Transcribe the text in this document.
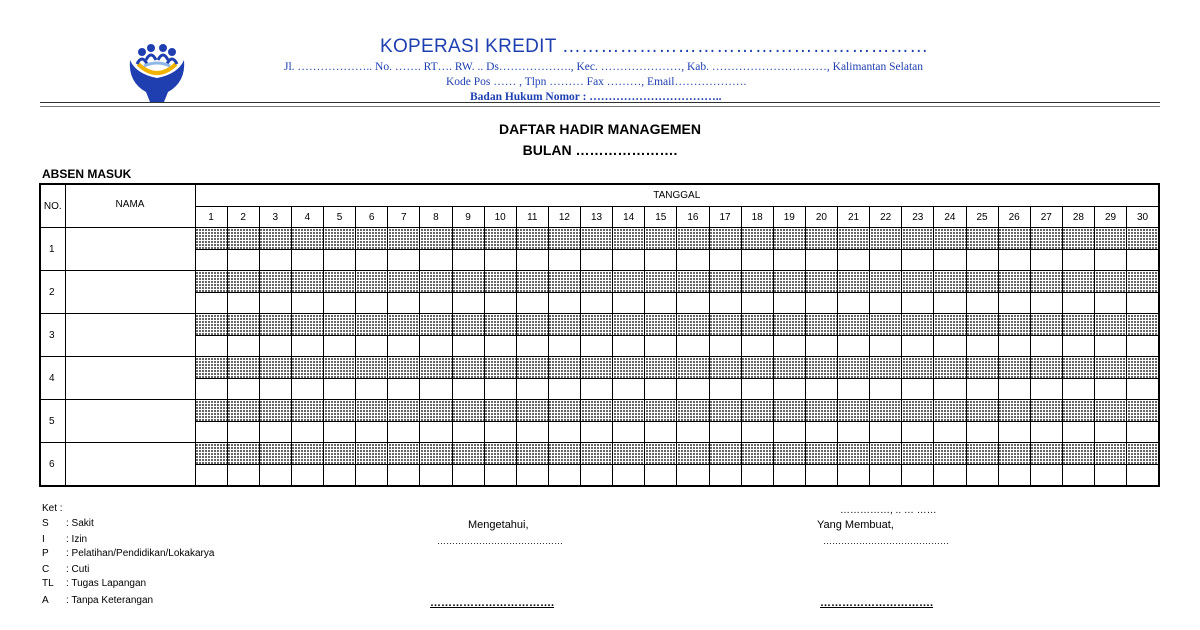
KOPERASI KREDIT …………………………………………………
Jl. ……………….. No. ……. RT…. RW. .. Ds………………., Kec. …………………, Kab. …………………………, Kalimantan Selatan
Kode Pos …… , Tlpn ……… Fax ………, Email……………….
Badan Hukum Nomor : ……………………………..
DAFTAR HADIR MANAGEMEN
BULAN ………………….
ABSEN MASUK
NO.	NAMA	TANGGAL																													
		1	2	3	4	5	6	7	8	9	10	11	12	13	14	15	16	17	18	19	20	21	22	23	24	25	26	27	28	29	30
1																															

2																															

3																															

4																															

5																															

6																															

Ket :
S : Sakit
I : Izin
P : Pelatihan/Pendidikan/Lokakarya
C : Cuti
TL : Tugas Lapangan
A : Tanpa Keterangan
……………, .. … ……
Mengetahui,	Yang Membuat,
……………………………………	……………………………………
…………………………….	………………………….
